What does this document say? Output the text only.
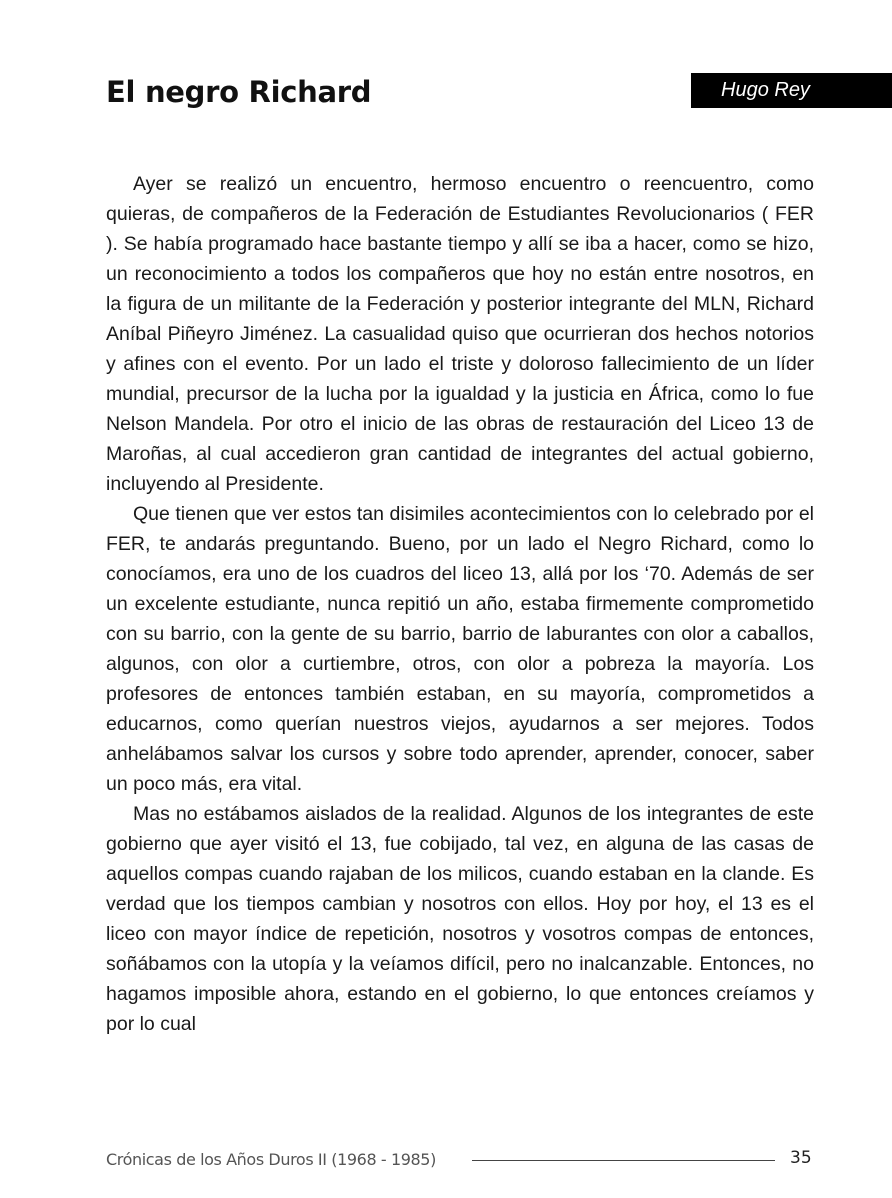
El negro Richard	Hugo Rey

Ayer se realizó un encuentro, hermoso encuentro o reencuentro, como quieras, de compañeros de la Federación de Estudiantes Revolucionarios ( FER ). Se había programado hace bastante tiempo y allí se iba a hacer, como se hizo, un reconocimiento a todos los compañeros que hoy no están entre nosotros, en la figura de un militante de la Federación y posterior integrante del MLN, Richard Aníbal Piñeyro Jiménez. La casualidad quiso que ocurrieran dos hechos notorios y afines con el evento. Por un lado el triste y doloroso fallecimiento de un líder mundial, precursor de la lucha por la igualdad y la justicia en África, como lo fue Nelson Mandela. Por otro el inicio de las obras de restauración del Liceo 13 de Maroñas, al cual accedieron gran cantidad de integrantes del actual gobierno, incluyendo al Presidente.

Que tienen que ver estos tan disimiles acontecimientos con lo celebrado por el FER, te andarás preguntando. Bueno, por un lado el Negro Richard, como lo conocíamos, era uno de los cuadros del liceo 13, allá por los ‘70. Además de ser un excelente estudiante, nunca repitió un año, estaba firmemente comprometido con su barrio, con la gente de su barrio, barrio de laburantes con olor a caballos, algunos, con olor a curtiembre, otros, con olor a pobreza la mayoría. Los profesores de entonces también estaban, en su mayoría, comprometidos a educarnos, como querían nuestros viejos, ayudarnos a ser mejores. Todos anhelábamos salvar los cursos y sobre todo aprender, aprender, conocer, saber un poco más, era vital.

Mas no estábamos aislados de la realidad. Algunos de los integrantes de este gobierno que ayer visitó el 13, fue cobijado, tal vez, en alguna de las casas de aquellos compas cuando rajaban de los milicos, cuando estaban en la clande. Es verdad que los tiempos cambian y nosotros con ellos. Hoy por hoy, el 13 es el liceo con mayor índice de repetición, nosotros y vosotros compas de entonces, soñábamos con la utopía y la veíamos difícil, pero no inalcanzable. Entonces, no hagamos imposible ahora, estando en el gobierno, lo que entonces creíamos y por lo cual

Crónicas de los Años Duros II (1968 - 1985)	35
